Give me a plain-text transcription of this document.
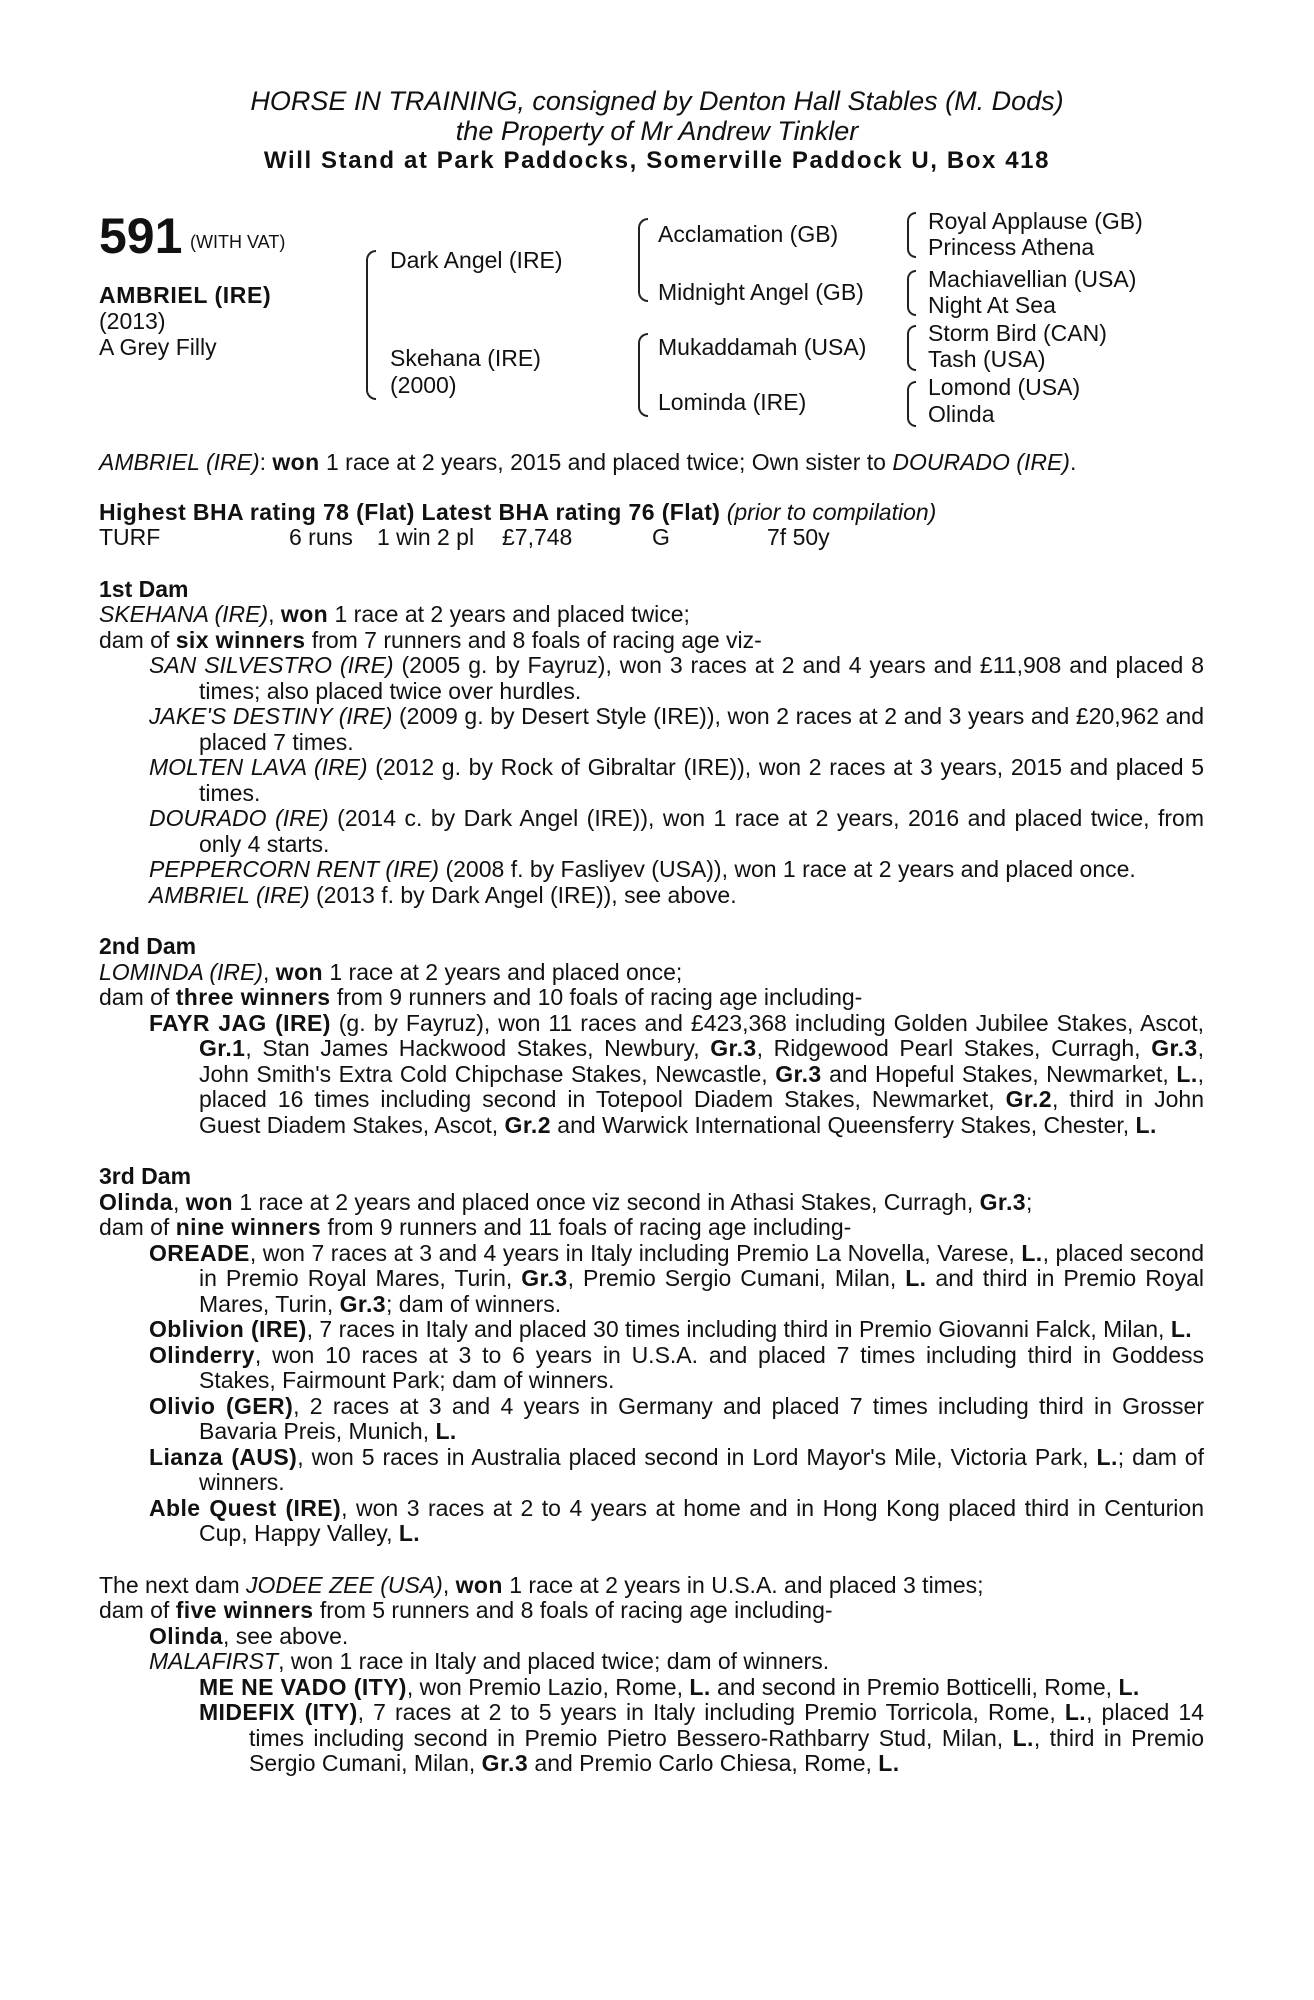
HORSE IN TRAINING, consigned by Denton Hall Stables (M. Dods)
the Property of Mr Andrew Tinkler
Will Stand at Park Paddocks, Somerville Paddock U, Box 418
591 (WITH VAT)
AMBRIEL (IRE)
(2013)
A Grey Filly
Dark Angel (IRE)
Skehana (IRE)
(2000)
Acclamation (GB)
Midnight Angel (GB)
Mukaddamah (USA)
Lominda (IRE)
Royal Applause (GB)
Princess Athena
Machiavellian (USA)
Night At Sea
Storm Bird (CAN)
Tash (USA)
Lomond (USA)
Olinda

AMBRIEL (IRE): won 1 race at 2 years, 2015 and placed twice; Own sister to DOURADO (IRE).

Highest BHA rating 78 (Flat) Latest BHA rating 76 (Flat) (prior to compilation)

TURF	6 runs 1 win 2 pl £7,748	G	7f 50y

1st Dam

SKEHANA (IRE), won 1 race at 2 years and placed twice;

dam of six winners from 7 runners and 8 foals of racing age viz-

SAN SILVESTRO (IRE) (2005 g. by Fayruz), won 3 races at 2 and 4 years and £11,908 and placed 8 times; also placed twice over hurdles.

JAKE'S DESTINY (IRE) (2009 g. by Desert Style (IRE)), won 2 races at 2 and 3 years and £20,962 and placed 7 times.

MOLTEN LAVA (IRE) (2012 g. by Rock of Gibraltar (IRE)), won 2 races at 3 years, 2015 and placed 5 times.

DOURADO (IRE) (2014 c. by Dark Angel (IRE)), won 1 race at 2 years, 2016 and placed twice, from only 4 starts.

PEPPERCORN RENT (IRE) (2008 f. by Fasliyev (USA)), won 1 race at 2 years and placed once.

AMBRIEL (IRE) (2013 f. by Dark Angel (IRE)), see above.

2nd Dam

LOMINDA (IRE), won 1 race at 2 years and placed once;

dam of three winners from 9 runners and 10 foals of racing age including-

FAYR JAG (IRE) (g. by Fayruz), won 11 races and £423,368 including Golden Jubilee Stakes, Ascot, Gr.1, Stan James Hackwood Stakes, Newbury, Gr.3, Ridgewood Pearl Stakes, Curragh, Gr.3, John Smith's Extra Cold Chipchase Stakes, Newcastle, Gr.3 and Hopeful Stakes, Newmarket, L., placed 16 times including second in Totepool Diadem Stakes, Newmarket, Gr.2, third in John Guest Diadem Stakes, Ascot, Gr.2 and Warwick International Queensferry Stakes, Chester, L.

3rd Dam

Olinda, won 1 race at 2 years and placed once viz second in Athasi Stakes, Curragh, Gr.3;

dam of nine winners from 9 runners and 11 foals of racing age including-

OREADE, won 7 races at 3 and 4 years in Italy including Premio La Novella, Varese, L., placed second in Premio Royal Mares, Turin, Gr.3, Premio Sergio Cumani, Milan, L. and third in Premio Royal Mares, Turin, Gr.3; dam of winners.

Oblivion (IRE), 7 races in Italy and placed 30 times including third in Premio Giovanni Falck, Milan, L.

Olinderry, won 10 races at 3 to 6 years in U.S.A. and placed 7 times including third in Goddess Stakes, Fairmount Park; dam of winners.

Olivio (GER), 2 races at 3 and 4 years in Germany and placed 7 times including third in Grosser Bavaria Preis, Munich, L.

Lianza (AUS), won 5 races in Australia placed second in Lord Mayor's Mile, Victoria Park, L.; dam of winners.

Able Quest (IRE), won 3 races at 2 to 4 years at home and in Hong Kong placed third in Centurion Cup, Happy Valley, L.

The next dam JODEE ZEE (USA), won 1 race at 2 years in U.S.A. and placed 3 times;

dam of five winners from 5 runners and 8 foals of racing age including-

Olinda, see above.

MALAFIRST, won 1 race in Italy and placed twice; dam of winners.

ME NE VADO (ITY), won Premio Lazio, Rome, L. and second in Premio Botticelli, Rome, L.

MIDEFIX (ITY), 7 races at 2 to 5 years in Italy including Premio Torricola, Rome, L., placed 14 times including second in Premio Pietro Bessero-Rathbarry Stud, Milan, L., third in Premio Sergio Cumani, Milan, Gr.3 and Premio Carlo Chiesa, Rome, L.
